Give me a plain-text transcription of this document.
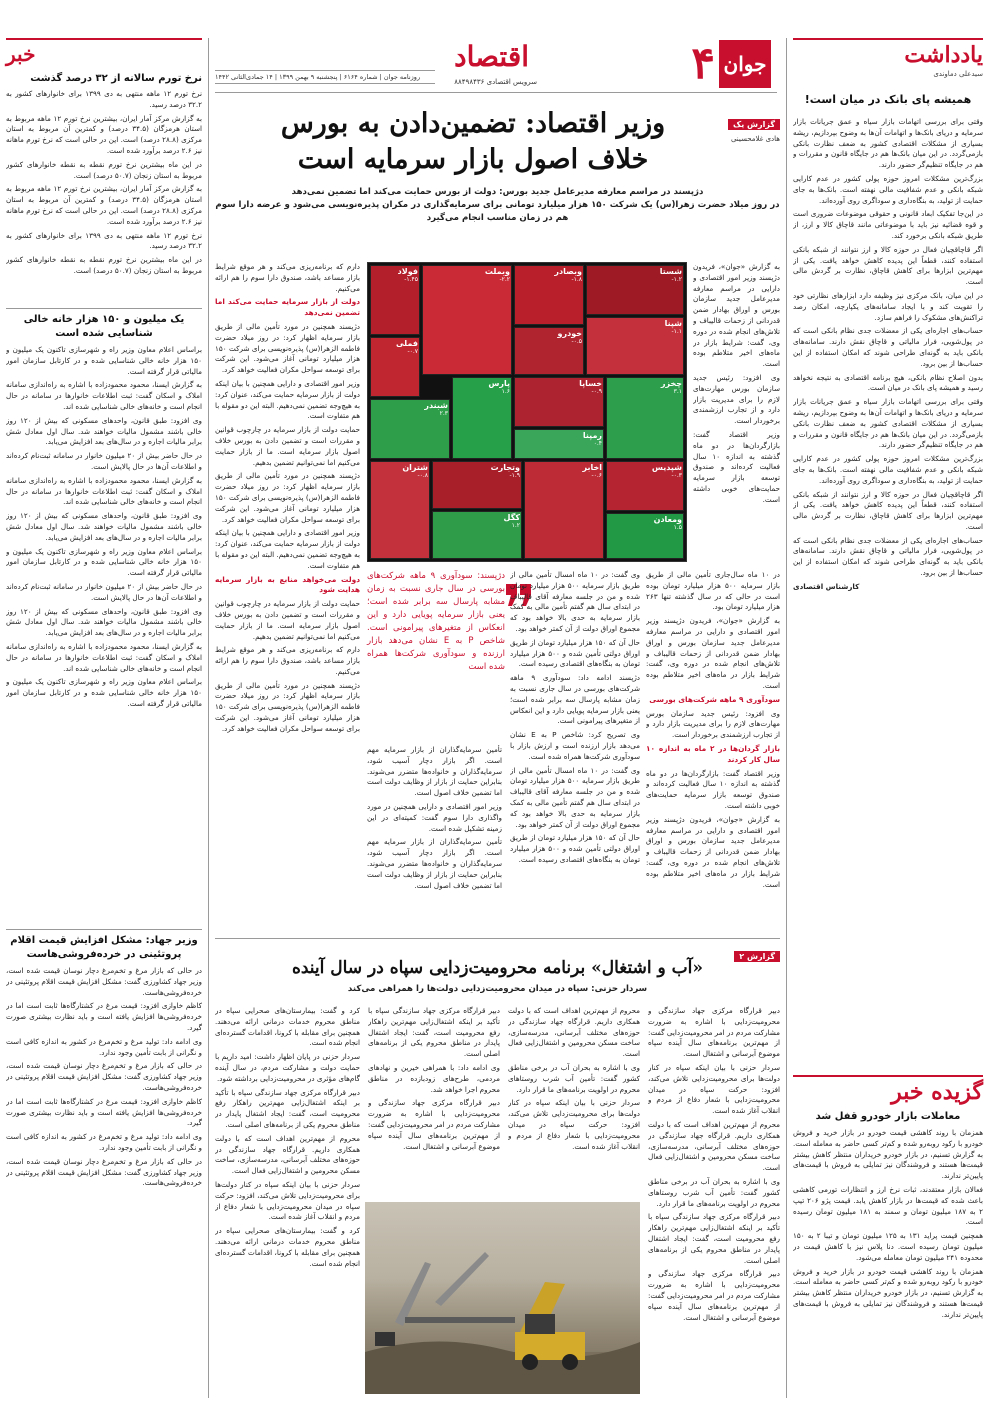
جوان
۴
اقتصاد
سرویس اقتصادی ۸۸۴۹۸۴۳۶
روزنامه جوان | شماره ۶۱۶۴ | پنجشنبه ۹ بهمن ۱۳۹۹ | ۱۴ جمادی‌الثانی ۱۴۴۲
یادداشت
سیدعلی دماوندی
همیشه پای بانک در میان است!

وقتی برای بررسی اتهامات بازار سیاه و عمق جریانات بازار سرمایه و دریای بانک‌ها و اتهامات آن‌ها به وضوح بپردازیم، ریشه بسیاری از مشکلات اقتصادی کشور به ضعف نظارت بانکی بازمی‌گردد. در این میان بانک‌ها هم در جایگاه قانون و مقررات و هم در جایگاه تنظیم‌گر حضور دارند.

بزرگ‌ترین مشکلات امروز حوزه پولی کشور در عدم کارایی شبکه بانکی و عدم شفافیت مالی نهفته است. بانک‌ها به جای حمایت از تولید، به بنگاه‌داری و سوداگری روی آورده‌اند.

در این‌جا تفکیک ابعاد قانونی و حقوقی موضوعات ضروری است و قوه قضائیه نیز باید با موضوعاتی مانند قاچاق کالا و ارز، از طریق شبکه بانکی برخورد کند.

اگر قاچاقچیان فعال در حوزه کالا و ارز نتوانند از شبکه بانکی استفاده کنند، قطعاً این پدیده کاهش خواهد یافت. یکی از مهم‌ترین ابزارها برای کاهش قاچاق، نظارت بر گردش مالی است.

در این میان، بانک مرکزی نیز وظیفه دارد ابزارهای نظارتی خود را تقویت کند و با ایجاد سامانه‌های یکپارچه، امکان رصد تراکنش‌های مشکوک را فراهم سازد.

حساب‌های اجاره‌ای یکی از معضلات جدی نظام بانکی است که در پول‌شویی، فرار مالیاتی و قاچاق نقش دارند. سامانه‌های بانکی باید به گونه‌ای طراحی شوند که امکان استفاده از این حساب‌ها از بین برود.

بدون اصلاح نظام بانکی، هیچ برنامه اقتصادی به نتیجه نخواهد رسید و همیشه پای بانک در میان است.

وقتی برای بررسی اتهامات بازار سیاه و عمق جریانات بازار سرمایه و دریای بانک‌ها و اتهامات آن‌ها به وضوح بپردازیم، ریشه بسیاری از مشکلات اقتصادی کشور به ضعف نظارت بانکی بازمی‌گردد. در این میان بانک‌ها هم در جایگاه قانون و مقررات و هم در جایگاه تنظیم‌گر حضور دارند.

بزرگ‌ترین مشکلات امروز حوزه پولی کشور در عدم کارایی شبکه بانکی و عدم شفافیت مالی نهفته است. بانک‌ها به جای حمایت از تولید، به بنگاه‌داری و سوداگری روی آورده‌اند.

اگر قاچاقچیان فعال در حوزه کالا و ارز نتوانند از شبکه بانکی استفاده کنند، قطعاً این پدیده کاهش خواهد یافت. یکی از مهم‌ترین ابزارها برای کاهش قاچاق، نظارت بر گردش مالی است.

حساب‌های اجاره‌ای یکی از معضلات جدی نظام بانکی است که در پول‌شویی، فرار مالیاتی و قاچاق نقش دارند. سامانه‌های بانکی باید به گونه‌ای طراحی شوند که امکان استفاده از این حساب‌ها از بین برود.

کارشناس اقتصادی

گزیده خبر
معاملات بازار خودرو قفل شد

همزمان با روند کاهشی قیمت خودرو در بازار خرید و فروش خودرو با رکود روبه‌رو شده و کم‌تر کسی حاضر به معامله است. به گزارش تسنیم، در بازار خودرو خریداران منتظر کاهش بیشتر قیمت‌ها هستند و فروشندگان نیز تمایلی به فروش با قیمت‌های پایین‌تر ندارند.

فعالان بازار معتقدند، ثبات نرخ ارز و انتظارات تورمی کاهشی باعث شده که قیمت‌ها در بازار کاهش یابد. قیمت پژو ۲۰۶ تیپ ۲ به ۱۸۷ میلیون تومان و سمند به ۱۸۱ میلیون تومان رسیده است.

همچنین قیمت پراید ۱۳۱ به ۱۲۵ میلیون تومان و تیبا ۲ به ۱۵۰ میلیون تومان رسیده است. دنا پلاس نیز با کاهش قیمت در محدوده ۲۴۱ میلیون تومان معامله می‌شود.

همزمان با روند کاهشی قیمت خودرو در بازار خرید و فروش خودرو با رکود روبه‌رو شده و کم‌تر کسی حاضر به معامله است. به گزارش تسنیم، در بازار خودرو خریداران منتظر کاهش بیشتر قیمت‌ها هستند و فروشندگان نیز تمایلی به فروش با قیمت‌های پایین‌تر ندارند.

گزارش یک
هادی غلامحسینی
وزیر اقتصاد: تضمین‌دادن به بورس
خلاف اصول بازار سرمایه است
دژپسند در مراسم معارفه مدیرعامل جدید بورس: دولت از بورس حمایت می‌کند اما تضمین نمی‌دهد
در روز میلاد حضرت زهرا(س) یک شرکت ۱۵۰ هزار میلیارد تومانی برای سرمایه‌گذاری در مکران پذیره‌نویسی می‌شود و عرضه دارا سوم هم در زمان مناسب انجام می‌گیرد
فولاد
۱.۴۵-
وبملت
۲.۲-
وبصادر
۱.۸-
شستا
۱.۲-
فملی
۰.۷-
خودرو
۰.۵-
شپنا
۱.۱-
شبندر
۲.۳
پارس
۱.۶
خساپا
۰.۹-
چخزر
۳.۱
رمپنا
۰.۴
شتران
۰.۸-
وتجارت
۱.۹-
اخابر
۰.۶-
کگل
۱.۲
شپدیس
۰.۳-
ومعادن
۱.۵

دارم که برنامه‌ریزی می‌کند و هر موقع شرایط بازار مساعد باشد، صندوق دارا سوم را هم ارائه می‌کنیم.

دولت از بازار سرمایه حمایت می‌کند اما تضمین نمی‌دهد

دژپسند همچنین در مورد تأمین مالی از طریق بازار سرمایه اظهار کرد: در روز میلاد حضرت فاطمه الزهرا(س) پذیره‌نویسی برای شرکت ۱۵۰ هزار میلیارد تومانی آغاز می‌شود. این شرکت برای توسعه سواحل مکران فعالیت خواهد کرد.

وزیر امور اقتصادی و دارایی همچنین با بیان اینکه دولت از بازار سرمایه حمایت می‌کند، عنوان کرد: به هیچ‌وجه تضمین نمی‌دهیم. البته این دو مقوله با هم متفاوت است.

حمایت دولت از بازار سرمایه در چارچوب قوانین و مقررات است و تضمین دادن به بورس خلاف اصول بازار سرمایه است. ما از بازار حمایت می‌کنیم اما نمی‌توانیم تضمین بدهیم.

دژپسند همچنین در مورد تأمین مالی از طریق بازار سرمایه اظهار کرد: در روز میلاد حضرت فاطمه الزهرا(س) پذیره‌نویسی برای شرکت ۱۵۰ هزار میلیارد تومانی آغاز می‌شود. این شرکت برای توسعه سواحل مکران فعالیت خواهد کرد.

وزیر امور اقتصادی و دارایی همچنین با بیان اینکه دولت از بازار سرمایه حمایت می‌کند، عنوان کرد: به هیچ‌وجه تضمین نمی‌دهیم. البته این دو مقوله با هم متفاوت است.

دولت می‌خواهد منابع به بازار سرمایه هدایت شود

حمایت دولت از بازار سرمایه در چارچوب قوانین و مقررات است و تضمین دادن به بورس خلاف اصول بازار سرمایه است. ما از بازار حمایت می‌کنیم اما نمی‌توانیم تضمین بدهیم.

دارم که برنامه‌ریزی می‌کند و هر موقع شرایط بازار مساعد باشد، صندوق دارا سوم را هم ارائه می‌کنیم.

دژپسند همچنین در مورد تأمین مالی از طریق بازار سرمایه اظهار کرد: در روز میلاد حضرت فاطمه الزهرا(س) پذیره‌نویسی برای شرکت ۱۵۰ هزار میلیارد تومانی آغاز می‌شود. این شرکت برای توسعه سواحل مکران فعالیت خواهد کرد.

دژپسند: سودآوری ۹ ماهه شرکت‌های بورسی در سال جاری نسبت به زمان مشابه پارسال سه برابر شده است؛ یعنی بازار سرمایه پویایی دارد و این انعکاس از متغیرهای پیرامونی است. شاخص P به E نشان می‌دهد بازار ارزنده و سودآوری شرکت‌ها همراه شده است

تأمین سرمایه‌گذاران از بازار سرمایه مهم است. اگر بازار دچار آسیب شود، سرمایه‌گذاران و خانواده‌ها متضرر می‌شوند. بنابراین حمایت از بازار از وظایف دولت است اما تضمین خلاف اصول است.

وزیر امور اقتصادی و دارایی همچنین در مورد واگذاری دارا سوم گفت: کمیته‌ای در این زمینه تشکیل شده است.

تأمین سرمایه‌گذاران از بازار سرمایه مهم است. اگر بازار دچار آسیب شود، سرمایه‌گذاران و خانواده‌ها متضرر می‌شوند. بنابراین حمایت از بازار از وظایف دولت است اما تضمین خلاف اصول است.

وی گفت: در ۱۰ ماه امسال تأمین مالی از طریق بازار سرمایه ۵۰۰ هزار میلیارد تومان شده و من در جلسه معارفه آقای قالیباف در ابتدای سال هم گفتم تأمین مالی به کمک بازار سرمایه به حدی بالا خواهد بود که مجموع اوراق دولت از آن کمتر خواهد بود.

حال آن که ۱۵۰ هزار میلیارد تومان از طریق اوراق دولتی تأمین شده و ۵۰۰ هزار میلیارد تومان به بنگاه‌های اقتصادی رسیده است.

دژپسند ادامه داد: سودآوری ۹ ماهه شرکت‌های بورسی در سال جاری نسبت به زمان مشابه پارسال سه برابر شده است؛ یعنی بازار سرمایه پویایی دارد و این انعکاس از متغیرهای پیرامونی است.

وی تصریح کرد: شاخص P به E نشان می‌دهد بازار ارزنده است و ارزش بازار با سودآوری شرکت‌ها همراه شده است.

وی گفت: در ۱۰ ماه امسال تأمین مالی از طریق بازار سرمایه ۵۰۰ هزار میلیارد تومان شده و من در جلسه معارفه آقای قالیباف در ابتدای سال هم گفتم تأمین مالی به کمک بازار سرمایه به حدی بالا خواهد بود که مجموع اوراق دولت از آن کمتر خواهد بود.

حال آن که ۱۵۰ هزار میلیارد تومان از طریق اوراق دولتی تأمین شده و ۵۰۰ هزار میلیارد تومان به بنگاه‌های اقتصادی رسیده است.

در ۱۰ ماه سال‌جاری تأمین مالی از طریق بازار سرمایه ۵۰۰ هزار میلیارد تومان بوده است در حالی که در سال گذشته تنها ۲۶۳ هزار میلیارد تومان بود.

به گزارش «جوان»، فریدون دژپسند وزیر امور اقتصادی و دارایی در مراسم معارفه مدیرعامل جدید سازمان بورس و اوراق بهادار ضمن قدردانی از زحمات قالیباف و تلاش‌های انجام شده در دوره وی، گفت: شرایط بازار در ماه‌های اخیر متلاطم بوده است.

سودآوری ۹ ماهه شرکت‌های بورسی

وی افزود: رئیس جدید سازمان بورس مهارت‌های لازم را برای مدیریت بازار دارد و از تجارب ارزشمندی برخوردار است.

بازار گردان‌ها در ۲ ماه به اندازه ۱۰ سال کار کردند

وزیر اقتصاد گفت: بازارگردان‌ها در دو ماه گذشته به اندازه ۱۰ سال فعالیت کرده‌اند و صندوق توسعه بازار سرمایه حمایت‌های خوبی داشته است.

به گزارش «جوان»، فریدون دژپسند وزیر امور اقتصادی و دارایی در مراسم معارفه مدیرعامل جدید سازمان بورس و اوراق بهادار ضمن قدردانی از زحمات قالیباف و تلاش‌های انجام شده در دوره وی، گفت: شرایط بازار در ماه‌های اخیر متلاطم بوده است.

به گزارش «جوان»، فریدون دژپسند وزیر امور اقتصادی و دارایی در مراسم معارفه مدیرعامل جدید سازمان بورس و اوراق بهادار ضمن قدردانی از زحمات قالیباف و تلاش‌های انجام شده در دوره وی، گفت: شرایط بازار در ماه‌های اخیر متلاطم بوده است.

وی افزود: رئیس جدید سازمان بورس مهارت‌های لازم را برای مدیریت بازار دارد و از تجارب ارزشمندی برخوردار است.

وزیر اقتصاد گفت: بازارگردان‌ها در دو ماه گذشته به اندازه ۱۰ سال فعالیت کرده‌اند و صندوق توسعه بازار سرمایه حمایت‌های خوبی داشته است.

گزارش ۲
«آب و اشتغال» برنامه محرومیت‌زدایی سپاه در سال آینده
سردار حزنی: سپاه در میدان محرومیت‌زدایی دولت‌ها را همراهی می‌کند

دبیر قرارگاه مرکزی جهاد سازندگی و محرومیت‌زدایی با اشاره به ضرورت مشارکت مردم در امر محرومیت‌زدایی گفت: از مهم‌ترین برنامه‌های سال آینده سپاه موضوع آبرسانی و اشتغال است.

سردار حزنی با بیان اینکه سپاه در کنار دولت‌ها برای محرومیت‌زدایی تلاش می‌کند، افزود: حرکت سپاه در میدان محرومیت‌زدایی با شعار دفاع از مردم و انقلاب آغاز شده است.

محروم از مهم‌ترین اهداف است که با دولت همکاری داریم. قرارگاه جهاد سازندگی در حوزه‌های مختلف آبرسانی، مدرسه‌سازی، ساخت مسکن محرومین و اشتغال‌زایی فعال است.

وی با اشاره به بحران آب در برخی مناطق کشور گفت: تأمین آب شرب روستاهای محروم در اولویت برنامه‌های ما قرار دارد.

دبیر قرارگاه مرکزی جهاد سازندگی سپاه با تأکید بر اینکه اشتغال‌زایی مهم‌ترین راهکار رفع محرومیت است، گفت: ایجاد اشتغال پایدار در مناطق محروم یکی از برنامه‌های اصلی است.

دبیر قرارگاه مرکزی جهاد سازندگی و محرومیت‌زدایی با اشاره به ضرورت مشارکت مردم در امر محرومیت‌زدایی گفت: از مهم‌ترین برنامه‌های سال آینده سپاه موضوع آبرسانی و اشتغال است.

محروم از مهم‌ترین اهداف است که با دولت همکاری داریم. قرارگاه جهاد سازندگی در حوزه‌های مختلف آبرسانی، مدرسه‌سازی، ساخت مسکن محرومین و اشتغال‌زایی فعال است.

وی با اشاره به بحران آب در برخی مناطق کشور گفت: تأمین آب شرب روستاهای محروم در اولویت برنامه‌های ما قرار دارد.

سردار حزنی با بیان اینکه سپاه در کنار دولت‌ها برای محرومیت‌زدایی تلاش می‌کند، افزود: حرکت سپاه در میدان محرومیت‌زدایی با شعار دفاع از مردم و انقلاب آغاز شده است.

دبیر قرارگاه مرکزی جهاد سازندگی سپاه با تأکید بر اینکه اشتغال‌زایی مهم‌ترین راهکار رفع محرومیت است، گفت: ایجاد اشتغال پایدار در مناطق محروم یکی از برنامه‌های اصلی است.

وی ادامه داد: با همراهی خیرین و نهادهای مردمی، طرح‌های زودبازده در مناطق محروم اجرا خواهد شد.

دبیر قرارگاه مرکزی جهاد سازندگی و محرومیت‌زدایی با اشاره به ضرورت مشارکت مردم در امر محرومیت‌زدایی گفت: از مهم‌ترین برنامه‌های سال آینده سپاه موضوع آبرسانی و اشتغال است.

کرد و گفت: بیمارستان‌های صحرایی سپاه در مناطق محروم خدمات درمانی ارائه می‌دهند. همچنین برای مقابله با کرونا، اقدامات گسترده‌ای انجام شده است.

سردار حزنی در پایان اظهار داشت: امید داریم با حمایت دولت و مشارکت مردم، در سال آینده گام‌های مؤثری در محرومیت‌زدایی برداشته شود.

دبیر قرارگاه مرکزی جهاد سازندگی سپاه با تأکید بر اینکه اشتغال‌زایی مهم‌ترین راهکار رفع محرومیت است، گفت: ایجاد اشتغال پایدار در مناطق محروم یکی از برنامه‌های اصلی است.

محروم از مهم‌ترین اهداف است که با دولت همکاری داریم. قرارگاه جهاد سازندگی در حوزه‌های مختلف آبرسانی، مدرسه‌سازی، ساخت مسکن محرومین و اشتغال‌زایی فعال است.

سردار حزنی با بیان اینکه سپاه در کنار دولت‌ها برای محرومیت‌زدایی تلاش می‌کند، افزود: حرکت سپاه در میدان محرومیت‌زدایی با شعار دفاع از مردم و انقلاب آغاز شده است.

کرد و گفت: بیمارستان‌های صحرایی سپاه در مناطق محروم خدمات درمانی ارائه می‌دهند. همچنین برای مقابله با کرونا، اقدامات گسترده‌ای انجام شده است.

خبر
نرخ تورم سالانه از ۳۲ درصد گذشت

نرخ تورم ۱۲ ماهه منتهی به دی ۱۳۹۹ برای خانوارهای کشور به ۳۲.۲ درصد رسید.

به گزارش مرکز آمار ایران، بیشترین نرخ تورم ۱۲ ماهه مربوط به استان هرمزگان (۳۴.۵ درصد) و کمترین آن مربوط به استان مرکزی (۲۸.۸ درصد) است. این در حالی است که نرخ تورم ماهانه نیز ۲.۶ درصد برآورد شده است.

در این ماه بیشترین نرخ تورم نقطه به نقطه خانوارهای کشور مربوط به استان زنجان (۵۰.۷ درصد) است.

به گزارش مرکز آمار ایران، بیشترین نرخ تورم ۱۲ ماهه مربوط به استان هرمزگان (۳۴.۵ درصد) و کمترین آن مربوط به استان مرکزی (۲۸.۸ درصد) است. این در حالی است که نرخ تورم ماهانه نیز ۲.۶ درصد برآورد شده است.

نرخ تورم ۱۲ ماهه منتهی به دی ۱۳۹۹ برای خانوارهای کشور به ۳۲.۲ درصد رسید.

در این ماه بیشترین نرخ تورم نقطه به نقطه خانوارهای کشور مربوط به استان زنجان (۵۰.۷ درصد) است.

یک میلیون و ۱۵۰ هزار خانه خالی شناسایی شده است

براساس اعلام معاون وزیر راه و شهرسازی تاکنون یک میلیون و ۱۵۰ هزار خانه خالی شناسایی شده و در کارتابل سازمان امور مالیاتی قرار گرفته است.

به گزارش ایسنا، محمود محمودزاده با اشاره به راه‌اندازی سامانه املاک و اسکان گفت: ثبت اطلاعات خانوارها در سامانه در حال انجام است و خانه‌های خالی شناسایی شده اند.

وی افزود: طبق قانون، واحدهای مسکونی که بیش از ۱۲۰ روز خالی باشند مشمول مالیات خواهند شد. سال اول معادل شش برابر مالیات اجاره و در سال‌های بعد افزایش می‌یابد.

در حال حاضر بیش از ۲۰ میلیون خانوار در سامانه ثبت‌نام کرده‌اند و اطلاعات آن‌ها در حال پالایش است.

به گزارش ایسنا، محمود محمودزاده با اشاره به راه‌اندازی سامانه املاک و اسکان گفت: ثبت اطلاعات خانوارها در سامانه در حال انجام است و خانه‌های خالی شناسایی شده اند.

وی افزود: طبق قانون، واحدهای مسکونی که بیش از ۱۲۰ روز خالی باشند مشمول مالیات خواهند شد. سال اول معادل شش برابر مالیات اجاره و در سال‌های بعد افزایش می‌یابد.

براساس اعلام معاون وزیر راه و شهرسازی تاکنون یک میلیون و ۱۵۰ هزار خانه خالی شناسایی شده و در کارتابل سازمان امور مالیاتی قرار گرفته است.

در حال حاضر بیش از ۲۰ میلیون خانوار در سامانه ثبت‌نام کرده‌اند و اطلاعات آن‌ها در حال پالایش است.

وی افزود: طبق قانون، واحدهای مسکونی که بیش از ۱۲۰ روز خالی باشند مشمول مالیات خواهند شد. سال اول معادل شش برابر مالیات اجاره و در سال‌های بعد افزایش می‌یابد.

به گزارش ایسنا، محمود محمودزاده با اشاره به راه‌اندازی سامانه املاک و اسکان گفت: ثبت اطلاعات خانوارها در سامانه در حال انجام است و خانه‌های خالی شناسایی شده اند.

براساس اعلام معاون وزیر راه و شهرسازی تاکنون یک میلیون و ۱۵۰ هزار خانه خالی شناسایی شده و در کارتابل سازمان امور مالیاتی قرار گرفته است.

وزیر جهاد: مشکل افزایش قیمت اقلام پروتئینی در خرده‌فروشی‌هاست

در حالی که بازار مرغ و تخم‌مرغ دچار نوسان قیمت شده است، وزیر جهاد کشاورزی گفت: مشکل افزایش قیمت اقلام پروتئینی در خرده‌فروشی‌هاست.

کاظم خاوازی افزود: قیمت مرغ در کشتارگاه‌ها ثابت است اما در خرده‌فروشی‌ها افزایش یافته است و باید نظارت بیشتری صورت گیرد.

وی ادامه داد: تولید مرغ و تخم‌مرغ در کشور به اندازه کافی است و نگرانی از بابت تأمین وجود ندارد.

در حالی که بازار مرغ و تخم‌مرغ دچار نوسان قیمت شده است، وزیر جهاد کشاورزی گفت: مشکل افزایش قیمت اقلام پروتئینی در خرده‌فروشی‌هاست.

کاظم خاوازی افزود: قیمت مرغ در کشتارگاه‌ها ثابت است اما در خرده‌فروشی‌ها افزایش یافته است و باید نظارت بیشتری صورت گیرد.

وی ادامه داد: تولید مرغ و تخم‌مرغ در کشور به اندازه کافی است و نگرانی از بابت تأمین وجود ندارد.

در حالی که بازار مرغ و تخم‌مرغ دچار نوسان قیمت شده است، وزیر جهاد کشاورزی گفت: مشکل افزایش قیمت اقلام پروتئینی در خرده‌فروشی‌هاست.
